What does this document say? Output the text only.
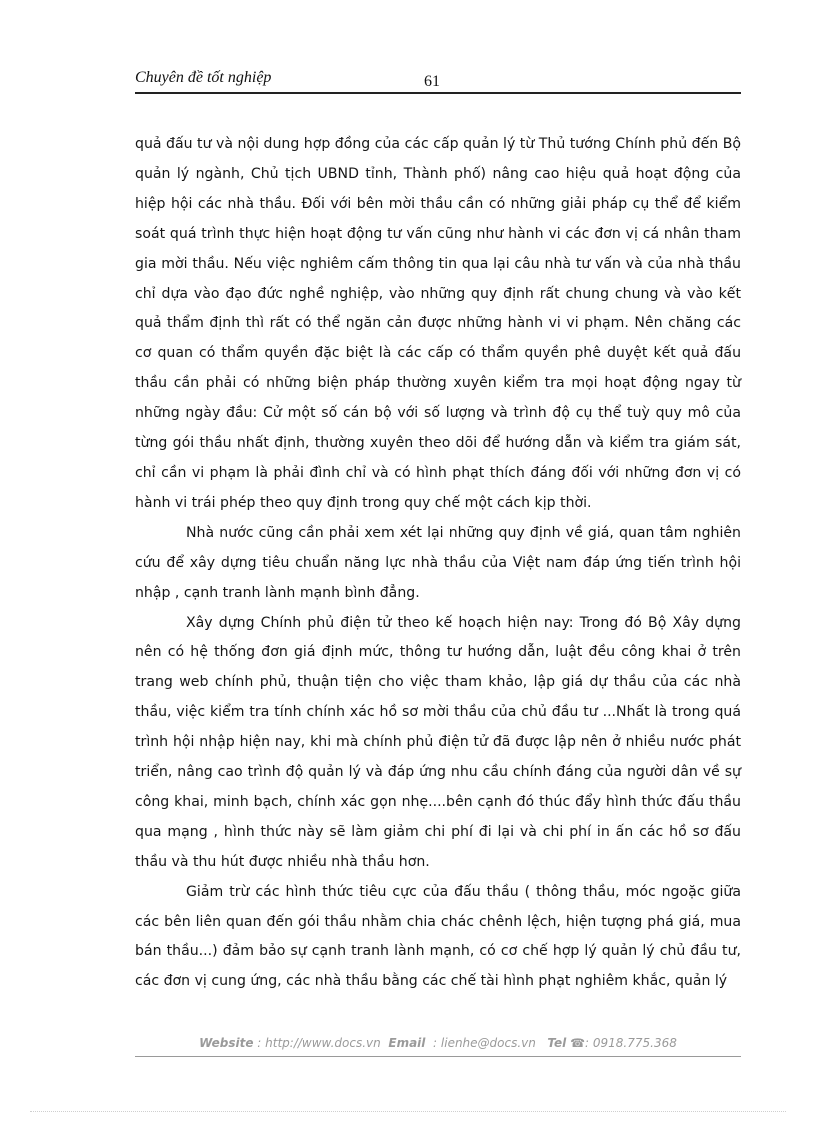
Chuyên đề tốt nghiệp	61

quả đấu tư và nội dung hợp đồng của các cấp quản lý từ Thủ tướng Chính phủ đến Bộ quản lý ngành, Chủ tịch UBND tỉnh, Thành phố) nâng cao hiệu quả hoạt động của hiệp hội các nhà thầu. Đối với bên mời thầu cần có những giải pháp cụ thể để kiểm soát quá trình thực hiện hoạt động tư vấn cũng như hành vi các đơn vị cá nhân tham gia mời thầu. Nếu việc nghiêm cấm thông tin qua lại câu nhà tư vấn và của nhà thầu chỉ dựa vào đạo đức nghề nghiệp, vào những quy định rất chung chung và vào kết quả thẩm định thì rất có thể ngăn cản được những hành vi vi phạm. Nên chăng các cơ quan có thẩm quyền đặc biệt là các cấp có thẩm quyền phê duyệt kết quả đấu thầu cần phải có những biện pháp thường xuyên kiểm tra mọi hoạt động ngay từ những ngày đầu: Cử một số cán bộ với số lượng và trình độ cụ thể tuỳ quy mô của từng gói thầu nhất định, thường xuyên theo dõi để hướng dẫn và kiểm tra giám sát, chỉ cần vi phạm là phải đình chỉ và có hình phạt thích đáng đối với những đơn vị có hành vi trái phép theo quy định trong quy chế một cách kịp thời.

Nhà nước cũng cần phải xem xét lại những quy định về giá, quan tâm nghiên cứu để xây dựng tiêu chuẩn năng lực nhà thầu của Việt nam đáp ứng tiến trình hội nhập , cạnh tranh lành mạnh bình đẳng.

Xây dựng Chính phủ điện tử theo kế hoạch hiện nay: Trong đó Bộ Xây dựng nên có hệ thống đơn giá định mức, thông tư hướng dẫn, luật đều công khai ở trên trang web chính phủ, thuận tiện cho việc tham khảo, lập giá dự thầu của các nhà thầu, việc kiểm tra tính chính xác hồ sơ mời thầu của chủ đầu tư ...Nhất là trong quá trình hội nhập hiện nay, khi mà chính phủ điện tử đã được lập nên ở nhiều nước phát triển, nâng cao trình độ quản lý và đáp ứng nhu cầu chính đáng của người dân về sự công khai, minh bạch, chính xác gọn nhẹ....bên cạnh đó thúc đẩy hình thức đấu thầu qua mạng , hình thức này sẽ làm giảm chi phí đi lại và chi phí in ấn các hồ sơ đấu thầu và thu hút được nhiều nhà thầu hơn.

Giảm trừ các hình thức tiêu cực của đấu thầu ( thông thầu, móc ngoặc giữa các bên liên quan đến gói thầu nhằm chia chác chênh lệch, hiện tượng phá giá, mua bán thầu...) đảm bảo sự cạnh tranh lành mạnh, có cơ chế hợp lý quản lý chủ đầu tư, các đơn vị cung ứng, các nhà thầu bằng các chế tài hình phạt nghiêm khắc, quản lý

Website : http://www.docs.vn Email : lienhe@docs.vn Tel ☎: 0918.775.368
